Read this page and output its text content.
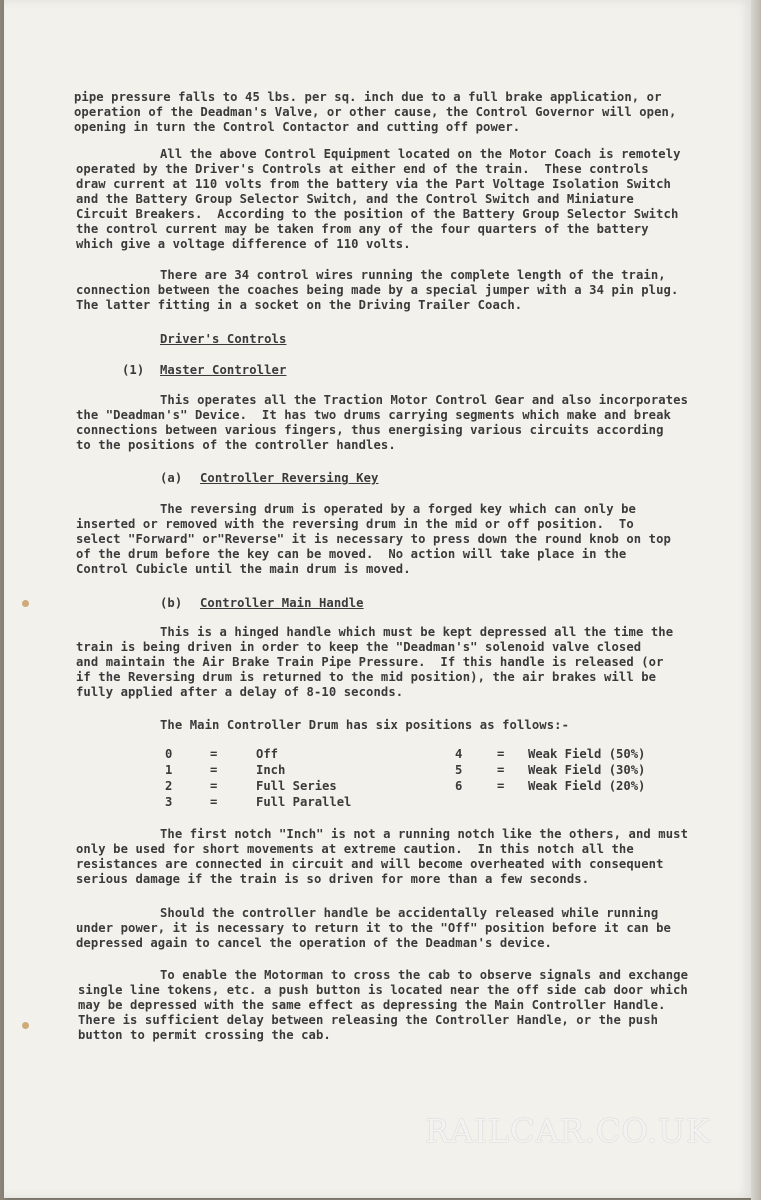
pipe pressure falls to 45 lbs. per sq. inch due to a full brake application, or

operation of the Deadman's Valve, or other cause, the Control Governor will open,

opening in turn the Control Contactor and cutting off power.

All the above Control Equipment located on the Motor Coach is remotely

operated by the Driver's Controls at either end of the train.  These controls

draw current at 110 volts from the battery via the Part Voltage Isolation Switch

and the Battery Group Selector Switch, and the Control Switch and Miniature

Circuit Breakers.  According to the position of the Battery Group Selector Switch

the control current may be taken from any of the four quarters of the battery

which give a voltage difference of 110 volts.

There are 34 control wires running the complete length of the train,

connection between the coaches being made by a special jumper with a 34 pin plug.

The latter fitting in a socket on the Driving Trailer Coach.

Driver's Controls

(1)

Master Controller

This operates all the Traction Motor Control Gear and also incorporates

the "Deadman's" Device.  It has two drums carrying segments which make and break

connections between various fingers, thus energising various circuits according

to the positions of the controller handles.

(a)

Controller Reversing Key

The reversing drum is operated by a forged key which can only be

inserted or removed with the reversing drum in the mid or off position.  To

select "Forward" or"Reverse" it is necessary to press down the round knob on top

of the drum before the key can be moved.  No action will take place in the

Control Cubicle until the main drum is moved.

(b)

Controller Main Handle

This is a hinged handle which must be kept depressed all the time the

train is being driven in order to keep the "Deadman's" solenoid valve closed

and maintain the Air Brake Train Pipe Pressure.  If this handle is released (or

if the Reversing drum is returned to the mid position), the air brakes will be

fully applied after a delay of 8-10 seconds.

The Main Controller Drum has six positions as follows:-

0	=	Off
1	=	Inch
2	=	Full Series
3	=	Full Parallel
4	= Weak Field (50%)
5	= Weak Field (30%)
6	= Weak Field (20%)

The first notch "Inch" is not a running notch like the others, and must

only be used for short movements at extreme caution.  In this notch all the

resistances are connected in circuit and will become overheated with consequent

serious damage if the train is so driven for more than a few seconds.

Should the controller handle be accidentally released while running

under power, it is necessary to return it to the "Off" position before it can be

depressed again to cancel the operation of the Deadman's device.

To enable the Motorman to cross the cab to observe signals and exchange

single line tokens, etc. a push button is located near the off side cab door which

may be depressed with the same effect as depressing the Main Controller Handle.

There is sufficient delay between releasing the Controller Handle, or the push

button to permit crossing the cab.

RAILCAR.CO.UK
